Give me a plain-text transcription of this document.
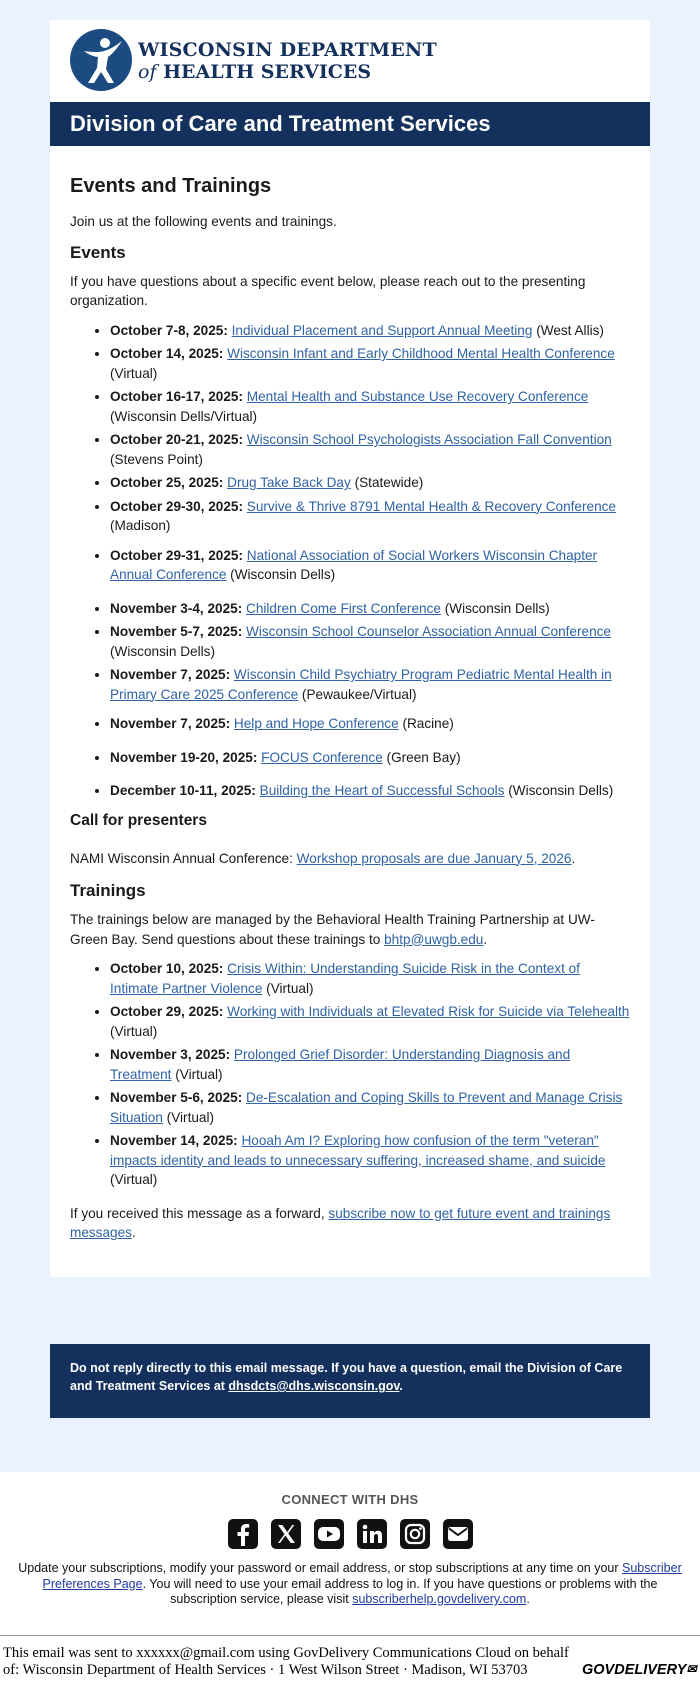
WISCONSIN DEPARTMENT
of HEALTH SERVICES
Division of Care and Treatment Services
Events and Trainings

Join us at the following events and trainings.

Events

If you have questions about a specific event below, please reach out to the presenting organization.

• October 7-8, 2025: Individual Placement and Support Annual Meeting (West Allis)
• October 14, 2025: Wisconsin Infant and Early Childhood Mental Health Conference (Virtual)
• October 16-17, 2025: Mental Health and Substance Use Recovery Conference (Wisconsin Dells/Virtual)
• October 20-21, 2025: Wisconsin School Psychologists Association Fall Convention (Stevens Point)
• October 25, 2025: Drug Take Back Day (Statewide)
• October 29-30, 2025: Survive & Thrive 8791 Mental Health & Recovery Conference (Madison)
• October 29-31, 2025: National Association of Social Workers Wisconsin Chapter Annual Conference (Wisconsin Dells)
• November 3-4, 2025: Children Come First Conference (Wisconsin Dells)
• November 5-7, 2025: Wisconsin School Counselor Association Annual Conference (Wisconsin Dells)
• November 7, 2025: Wisconsin Child Psychiatry Program Pediatric Mental Health in Primary Care 2025 Conference (Pewaukee/Virtual)
• November 7, 2025: Help and Hope Conference (Racine)
• November 19-20, 2025: FOCUS Conference (Green Bay)
• December 10-11, 2025: Building the Heart of Successful Schools (Wisconsin Dells)
Call for presenters

NAMI Wisconsin Annual Conference: Workshop proposals are due January 5, 2026.

Trainings

The trainings below are managed by the Behavioral Health Training Partnership at UW-Green Bay. Send questions about these trainings to bhtp@uwgb.edu.

• October 10, 2025: Crisis Within: Understanding Suicide Risk in the Context of Intimate Partner Violence (Virtual)
• October 29, 2025: Working with Individuals at Elevated Risk for Suicide via Telehealth (Virtual)
• November 3, 2025: Prolonged Grief Disorder: Understanding Diagnosis and Treatment (Virtual)
• November 5-6, 2025: De-Escalation and Coping Skills to Prevent and Manage Crisis Situation (Virtual)
• November 14, 2025: Hooah Am I? Exploring how confusion of the term "veteran" impacts identity and leads to unnecessary suffering, increased shame, and suicide (Virtual)

If you received this message as a forward, subscribe now to get future event and trainings messages.

Do not reply directly to this email message. If you have a question, email the Division of Care and Treatment Services at dhsdcts@dhs.wisconsin.gov.
CONNECT WITH DHS
Update your subscriptions, modify your password or email address, or stop subscriptions at any time on your Subscriber Preferences Page. You will need to use your email address to log in. If you have questions or problems with the subscription service, please visit subscriberhelp.govdelivery.com.
This email was sent to xxxxxx@gmail.com using GovDelivery Communications Cloud on behalf of: Wisconsin Department of Health Services · 1 West Wilson Street · Madison, WI 53703	GOVDELIVERY✉
